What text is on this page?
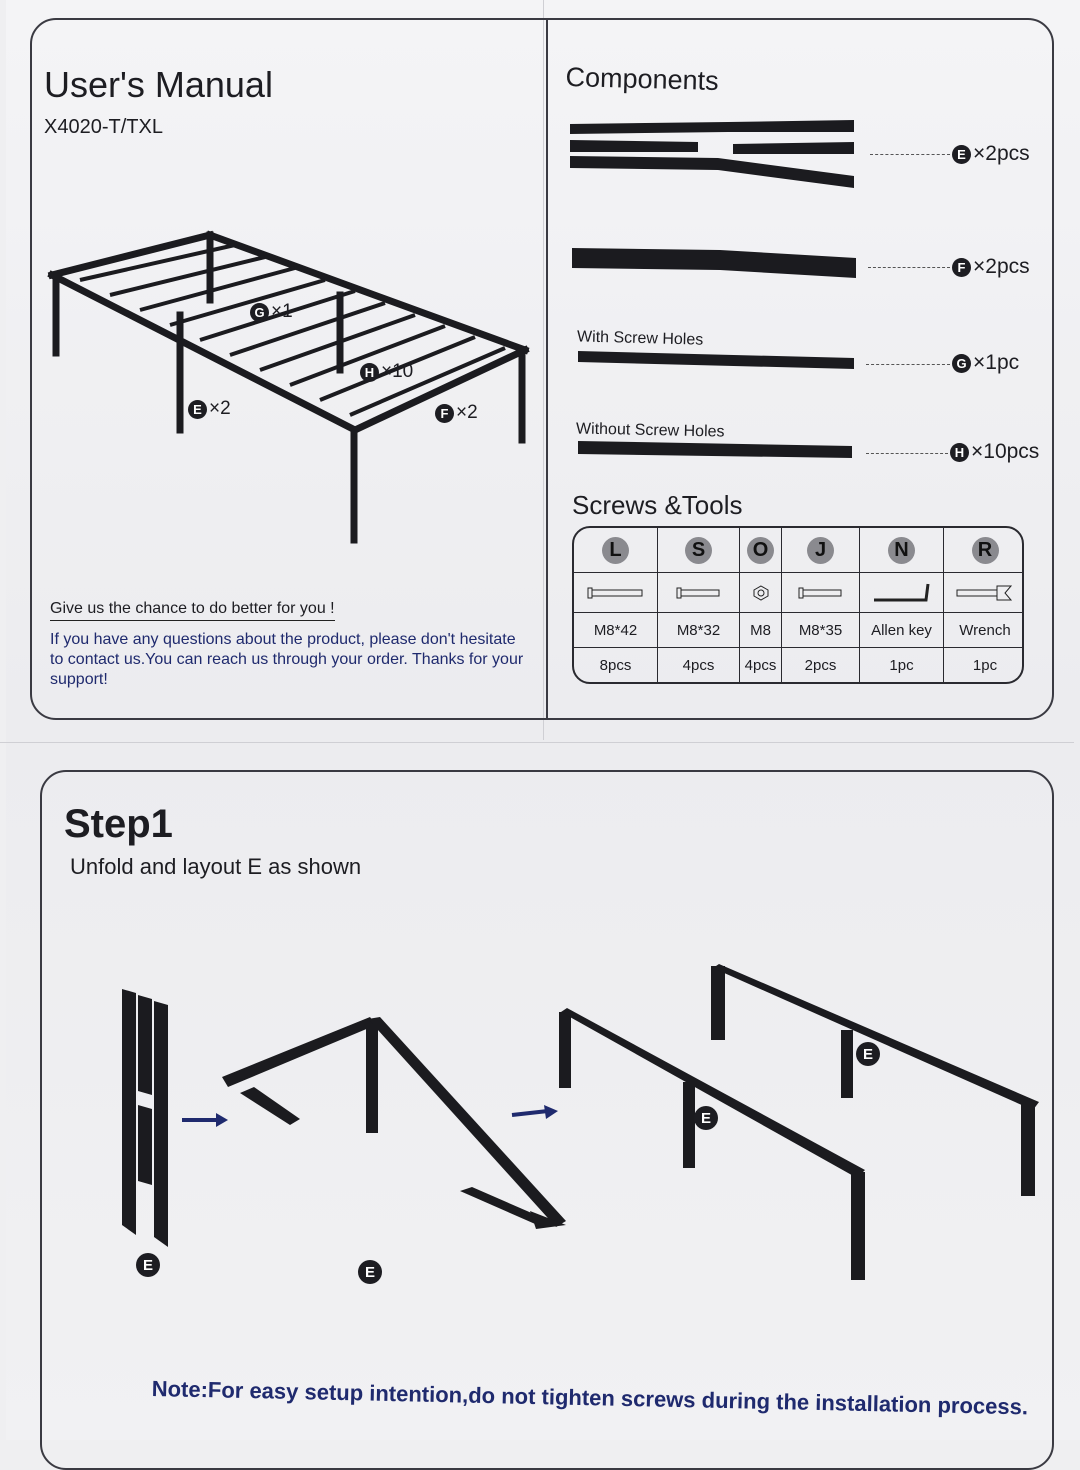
User's Manual
X4020-T/TXL
G ×1
H ×10
E ×2	F ×2
Give us the chance to do better for you !
If you have any questions about the product, please don't hesitate to contact us.You can reach us through your order. Thanks for your support!
Components
E ×2pcs
F ×2pcs
With Screw Holes
G ×1pc
Without Screw Holes
H ×10pcs
Screws &Tools
L	S	O	J	N	R
M8*42	M8*32	M8	M8*35	Allen key	Wrench
8pcs	4pcs	4pcs	2pcs	1pc	1pc
Step1
Unfold and layout E as shown
E	E
E
E
Note:For easy setup intention,do not tighten screws during the installation process.
